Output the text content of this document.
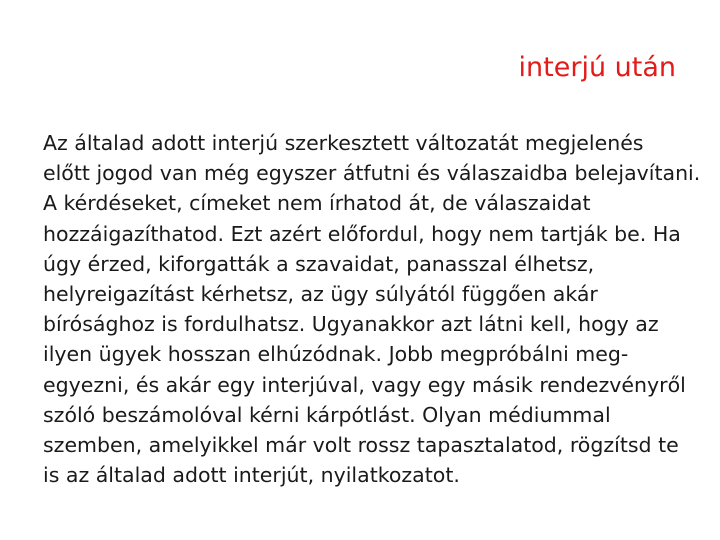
interjú után
Az általad adott interjú szerkesztett változatát megjelenés
előtt jogod van még egyszer átfutni és válaszaidba belejavítani.
A kérdéseket, címeket nem írhatod át, de válaszaidat
hozzáigazíthatod. Ezt azért előfordul, hogy nem tartják be. Ha
úgy érzed, kiforgatták a szavaidat, panasszal élhetsz,
helyreigazítást kérhetsz, az ügy súlyától függően akár
bírósághoz is fordulhatsz. Ugyanakkor azt látni kell, hogy az
ilyen ügyek hosszan elhúzódnak. Jobb megpróbálni meg-
egyezni, és akár egy interjúval, vagy egy másik rendezvényről
szóló beszámolóval kérni kárpótlást. Olyan médiummal
szemben, amelyikkel már volt rossz tapasztalatod, rögzítsd te
is az általad adott interjút, nyilatkozatot.
